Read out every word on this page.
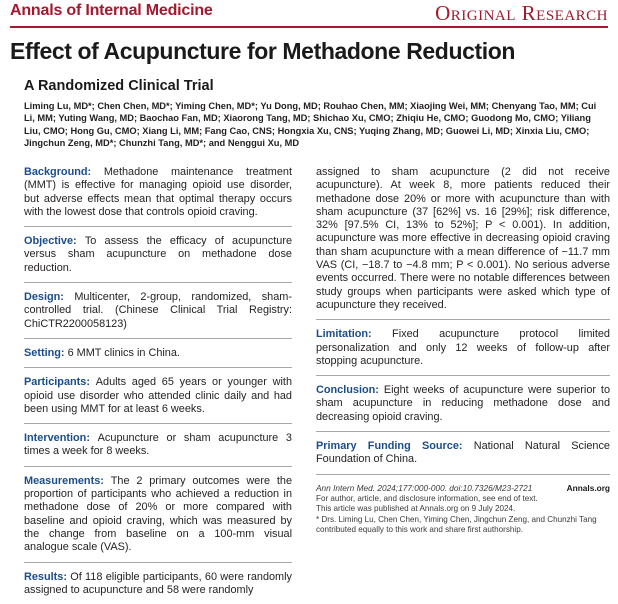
Annals of Internal Medicine	Original Research
Effect of Acupuncture for Methadone Reduction
A Randomized Clinical Trial
Liming Lu, MD*; Chen Chen, MD*; Yiming Chen, MD*; Yu Dong, MD; Rouhao Chen, MM; Xiaojing Wei, MM; Chenyang Tao, MM; Cui Li, MM; Yuting Wang, MD; Baochao Fan, MD; Xiaorong Tang, MD; Shichao Xu, CMO; Zhiqiu He, CMO; Guodong Mo, CMO; Yiliang Liu, CMO; Hong Gu, CMO; Xiang Li, MM; Fang Cao, CNS; Hongxia Xu, CNS; Yuqing Zhang, MD; Guowei Li, MD; Xinxia Liu, CMO; Jingchun Zeng, MD*; Chunzhi Tang, MD*; and Nenggui Xu, MD
Background: Methadone maintenance treatment (MMT) is effective for managing opioid use disorder, but adverse effects mean that optimal therapy occurs with the lowest dose that controls opioid craving.
Objective: To assess the efficacy of acupuncture versus sham acupuncture on methadone dose reduction.
Design: Multicenter, 2-group, randomized, sham-controlled trial. (Chinese Clinical Trial Registry: ChiCTR2200058123)
Setting: 6 MMT clinics in China.
Participants: Adults aged 65 years or younger with opioid use disorder who attended clinic daily and had been using MMT for at least 6 weeks.
Intervention: Acupuncture or sham acupuncture 3 times a week for 8 weeks.
Measurements: The 2 primary outcomes were the proportion of participants who achieved a reduction in methadone dose of 20% or more compared with baseline and opioid craving, which was measured by the change from baseline on a 100-mm visual analogue scale (VAS).
Results: Of 118 eligible participants, 60 were randomly assigned to acupuncture and 58 were randomly
assigned to sham acupuncture (2 did not receive acupuncture). At week 8, more patients reduced their methadone dose 20% or more with acupuncture than with sham acupuncture (37 [62%] vs. 16 [29%]; risk difference, 32% [97.5% CI, 13% to 52%]; P < 0.001). In addition, acupuncture was more effective in decreasing opioid craving than sham acupuncture with a mean difference of −11.7 mm VAS (CI, −18.7 to −4.8 mm; P < 0.001). No serious adverse events occurred. There were no notable differences between study groups when participants were asked which type of acupuncture they received.
Limitation: Fixed acupuncture protocol limited personalization and only 12 weeks of follow-up after stopping acupuncture.
Conclusion: Eight weeks of acupuncture were superior to sham acupuncture in reducing methadone dose and decreasing opioid craving.
Primary Funding Source: National Natural Science Foundation of China.
Ann Intern Med. 2024;177:000-000. doi:10.7326/M23-2721	Annals.org
For author, article, and disclosure information, see end of text.
This article was published at Annals.org on 9 July 2024.
* Drs. Liming Lu, Chen Chen, Yiming Chen, Jingchun Zeng, and Chunzhi Tang contributed equally to this work and share first authorship.
